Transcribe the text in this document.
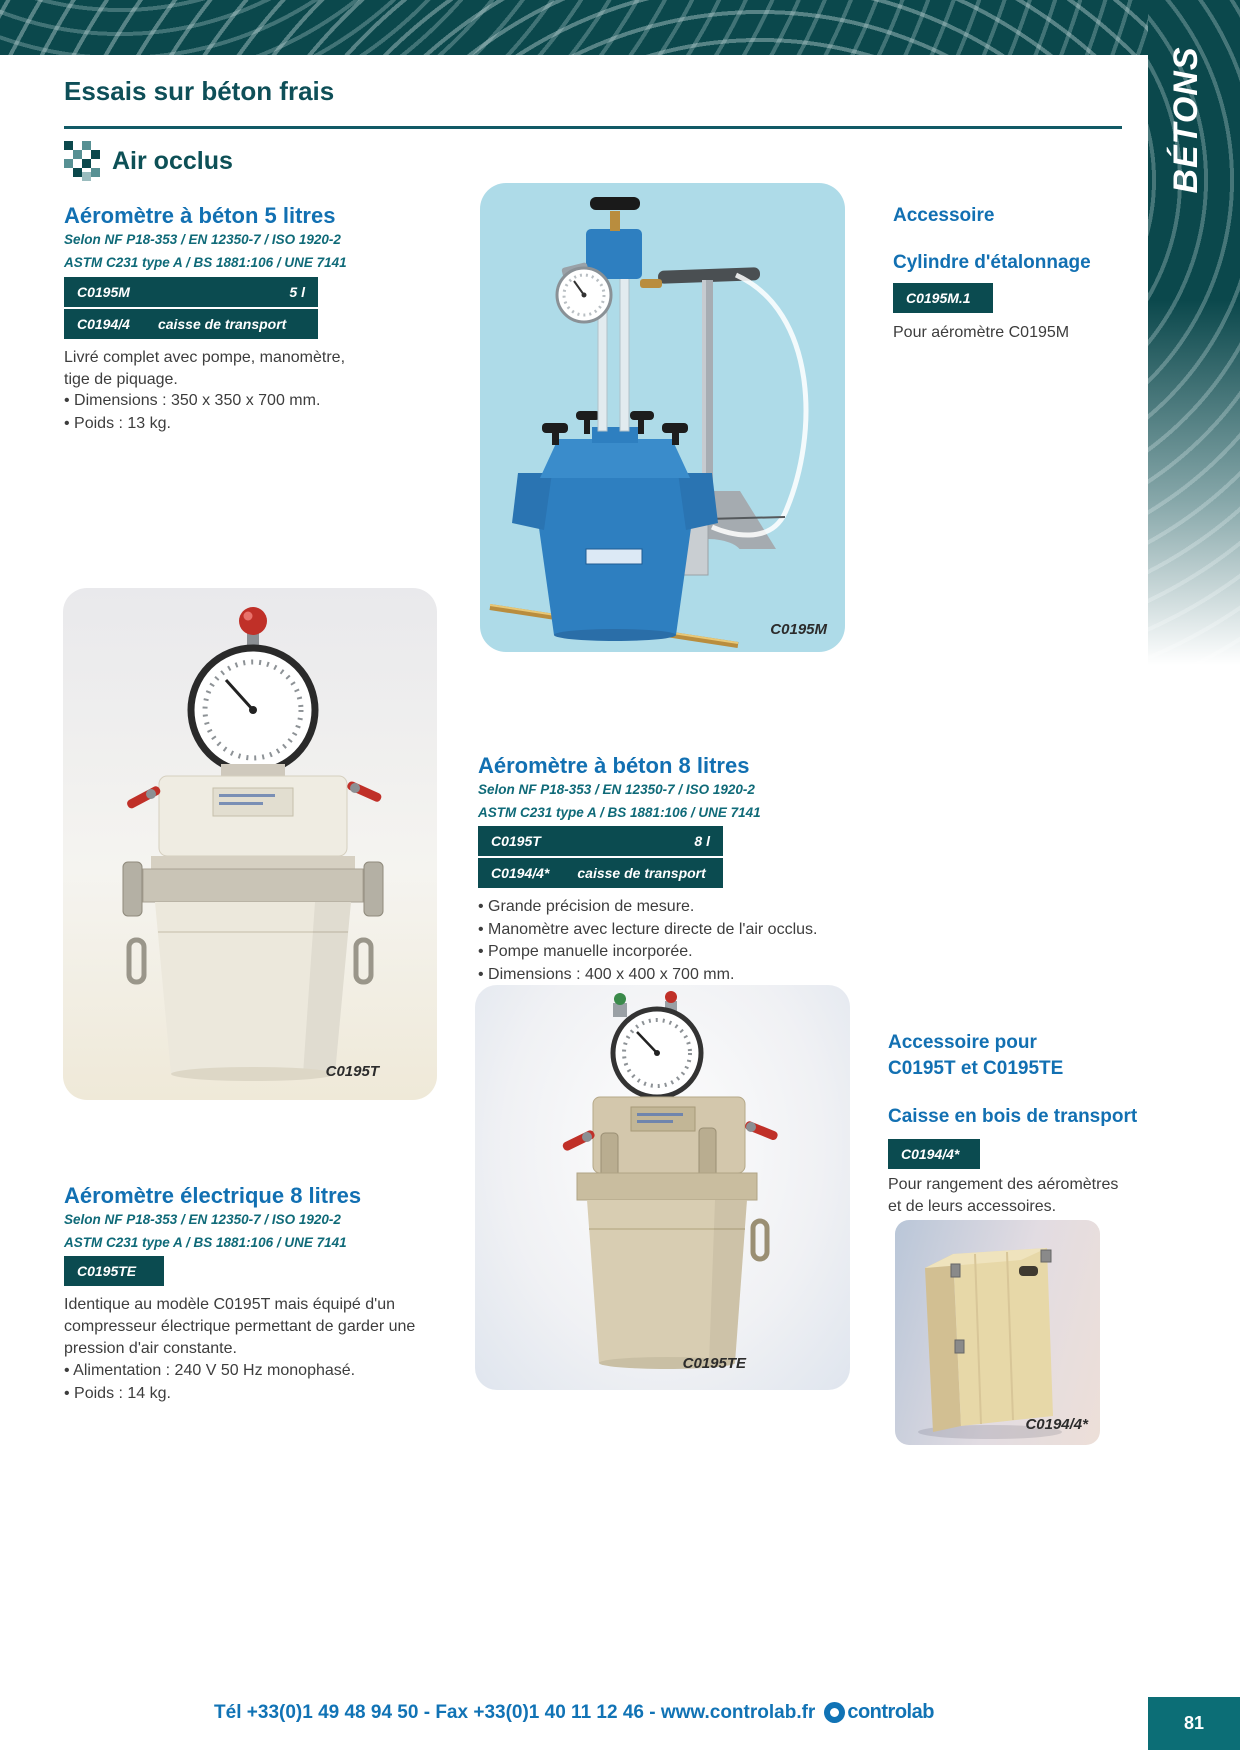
BÉTONS
Essais sur béton frais
Air occlus
Aéromètre à béton 5 litres
Selon NF P18-353 / EN 12350-7 / ISO 1920-2
ASTM C231 type A / BS 1881:106 / UNE 7141
C0195M	5 l
C0194/4 caisse de transport
Livré complet avec pompe, manomètre, tige de piquage.
• Dimensions : 350 x 350 x 700 mm.
• Poids : 13 kg.
C0195M
Accessoire
Cylindre d'étalonnage
C0195M.1
Pour aéromètre C0195M
C0195T
Aéromètre à béton 8 litres
Selon NF P18-353 / EN 12350-7 / ISO 1920-2
ASTM C231 type A / BS 1881:106 / UNE 7141
C0195T	8 l
C0194/4* caisse de transport
• Grande précision de mesure.
• Manomètre avec lecture directe de l'air occlus.
• Pompe manuelle incorporée.
• Dimensions : 400 x 400 x 700 mm.
•
Accessoire pour
C0195T et C0195TE
Caisse en bois de transport
C0194/4*
Pour rangement des aéromètres et de leurs accessoires.
C0195TE
Aéromètre électrique 8 litres
Selon NF P18-353 / EN 12350-7 / ISO 1920-2
ASTM C231 type A / BS 1881:106 / UNE 7141
C0195TE
Identique au modèle C0195T mais équipé d'un compresseur électrique permettant de garder une pression d'air constante.
• Alimentation : 240 V 50 Hz monophasé.
• Poids : 14 kg.
C0194/4*
Tél +33(0)1 49 48 94 50 - Fax +33(0)1 40 11 12 46 - www.controlab.fr controlab	81
